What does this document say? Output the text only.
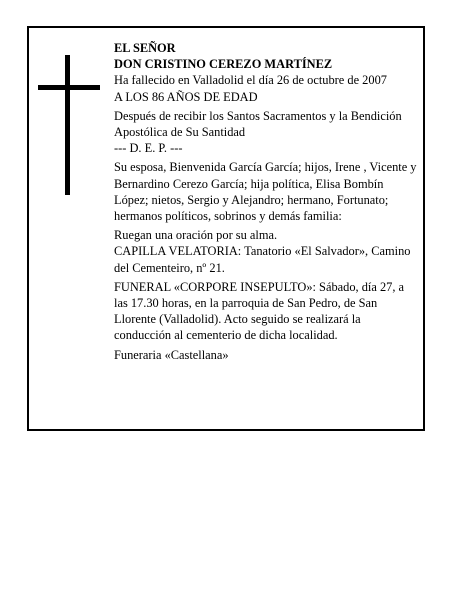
EL SEÑOR

DON CRISTINO CEREZO MARTÍNEZ

Ha fallecido en Valladolid el día 26 de octubre de 2007

A LOS 86 AÑOS DE EDAD

Después de recibir los Santos Sacramentos y la Bendición Apostólica de Su Santidad

--- D. E. P. ---

Su esposa, Bienvenida García García; hijos, Irene , Vicente y Bernardino Cerezo García; hija política, Elisa Bombín López; nietos, Sergio y Alejandro; hermano, Fortunato; hermanos políticos, sobrinos y demás familia:

Ruegan una oración por su alma.

CAPILLA VELATORIA: Tanatorio «El Salvador», Camino del Cementeiro, nº 21.

FUNERAL «CORPORE INSEPULTO»: Sábado, día 27, a las 17.30 horas, en la parroquia de San Pedro, de San Llorente (Valladolid). Acto seguido se realizará la conducción al cementerio de dicha localidad.

Funeraria «Castellana»
